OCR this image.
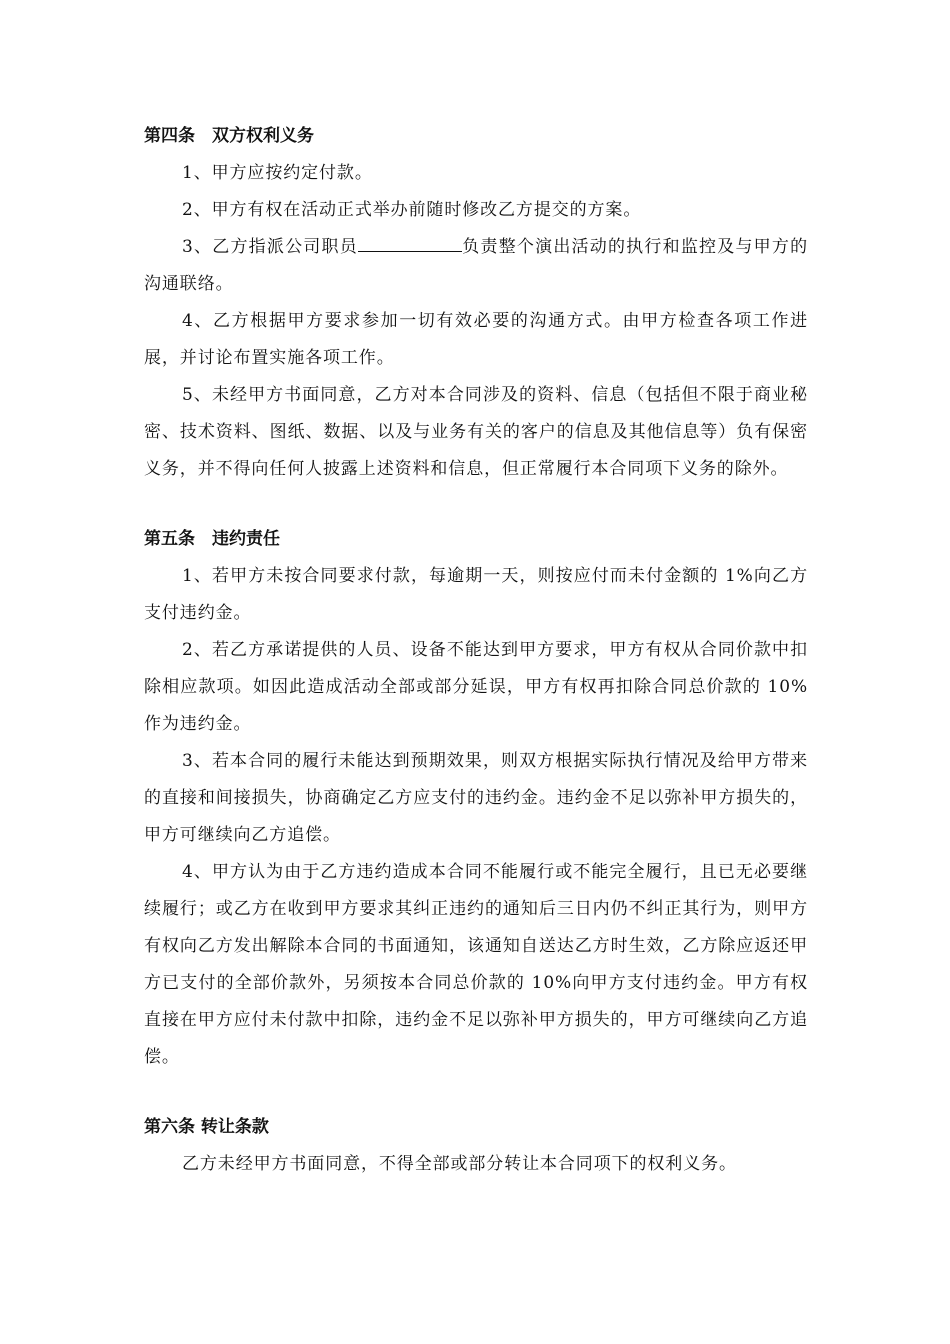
第四条　双方权利义务

1、甲方应按约定付款。

2、甲方有权在活动正式举办前随时修改乙方提交的方案。

3、乙方指派公司职员	负责整个演出活动的执行和监控及与甲方的沟通联络。

4、乙方根据甲方要求参加一切有效必要的沟通方式。由甲方检查各项工作进展，并讨论布置实施各项工作。

5、未经甲方书面同意，乙方对本合同涉及的资料、信息（包括但不限于商业秘密、技术资料、图纸、数据、以及与业务有关的客户的信息及其他信息等）负有保密义务，并不得向任何人披露上述资料和信息，但正常履行本合同项下义务的除外。

第五条　违约责任

1、若甲方未按合同要求付款，每逾期一天，则按应付而未付金额的 1%向乙方支付违约金。

2、若乙方承诺提供的人员、设备不能达到甲方要求，甲方有权从合同价款中扣除相应款项。如因此造成活动全部或部分延误，甲方有权再扣除合同总价款的 10%作为违约金。

3、若本合同的履行未能达到预期效果，则双方根据实际执行情况及给甲方带来的直接和间接损失，协商确定乙方应支付的违约金。违约金不足以弥补甲方损失的，甲方可继续向乙方追偿。

4、甲方认为由于乙方违约造成本合同不能履行或不能完全履行，且已无必要继续履行；或乙方在收到甲方要求其纠正违约的通知后三日内仍不纠正其行为，则甲方有权向乙方发出解除本合同的书面通知，该通知自送达乙方时生效，乙方除应返还甲方已支付的全部价款外，另须按本合同总价款的 10%向甲方支付违约金。甲方有权直接在甲方应付未付款中扣除，违约金不足以弥补甲方损失的，甲方可继续向乙方追偿。

第六条 转让条款

乙方未经甲方书面同意，不得全部或部分转让本合同项下的权利义务。
